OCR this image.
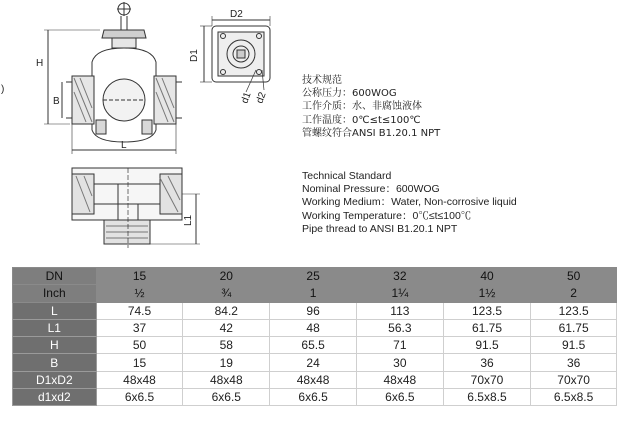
H
B
L
)
D2
D1
d1 d2
L1
技术规范
公称压力：600WOG
工作介质：水、非腐蚀液体
工作温度：0℃≤t≤100℃
管螺纹符合ANSI B1.20.1 NPT
Technical Standard
Nominal Pressure：600WOG
Working Medium：Water, Non-corrosive liquid
Working Temperature：0℃≤t≤100℃
Pipe thread to ANSI B1.20.1 NPT
DN	15	20	25	32	40	50
Inch	½	¾	1	1¼	1½	2
L	74.5	84.2	96	113	123.5	123.5
L1	37	42	48	56.3	61.75	61.75
H	50	58	65.5	71	91.5	91.5
B	15	19	24	30	36	36
D1xD2	48x48	48x48	48x48	48x48	70x70	70x70
d1xd2	6x6.5	6x6.5	6x6.5	6x6.5	6.5x8.5	6.5x8.5
